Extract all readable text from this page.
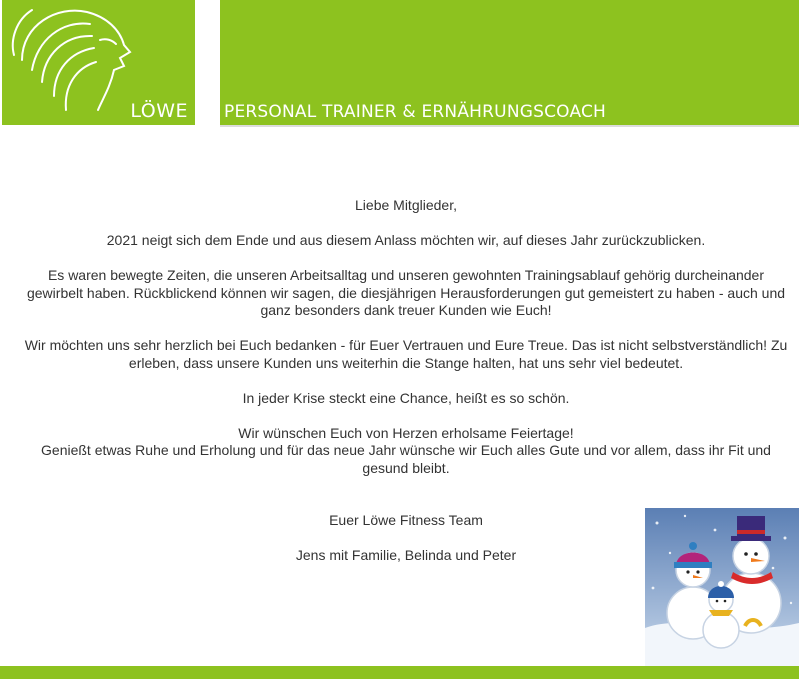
LÖWE PERSONAL TRAINER & ERNÄHRUNGSCOACH

Liebe Mitglieder,

2021 neigt sich dem Ende und aus diesem Anlass möchten wir, auf dieses Jahr zurückzublicken.

Es waren bewegte Zeiten, die unseren Arbeitsalltag und unseren gewohnten Trainingsablauf gehörig durcheinander
gewirbelt haben. Rückblickend können wir sagen, die diesjährigen Herausforderungen gut gemeistert zu haben - auch und
ganz besonders dank treuer Kunden wie Euch!

Wir möchten uns sehr herzlich bei Euch bedanken - für Euer Vertrauen und Eure Treue. Das ist nicht selbstverständlich! Zu
erleben, dass unsere Kunden uns weiterhin die Stange halten, hat uns sehr viel bedeutet.

In jeder Krise steckt eine Chance, heißt es so schön.

Wir wünschen Euch von Herzen erholsame Feiertage!
Genießt etwas Ruhe und Erholung und für das neue Jahr wünsche wir Euch alles Gute und vor allem, dass ihr Fit und
gesund bleibt.

Euer Löwe Fitness Team

Jens mit Familie, Belinda und Peter
